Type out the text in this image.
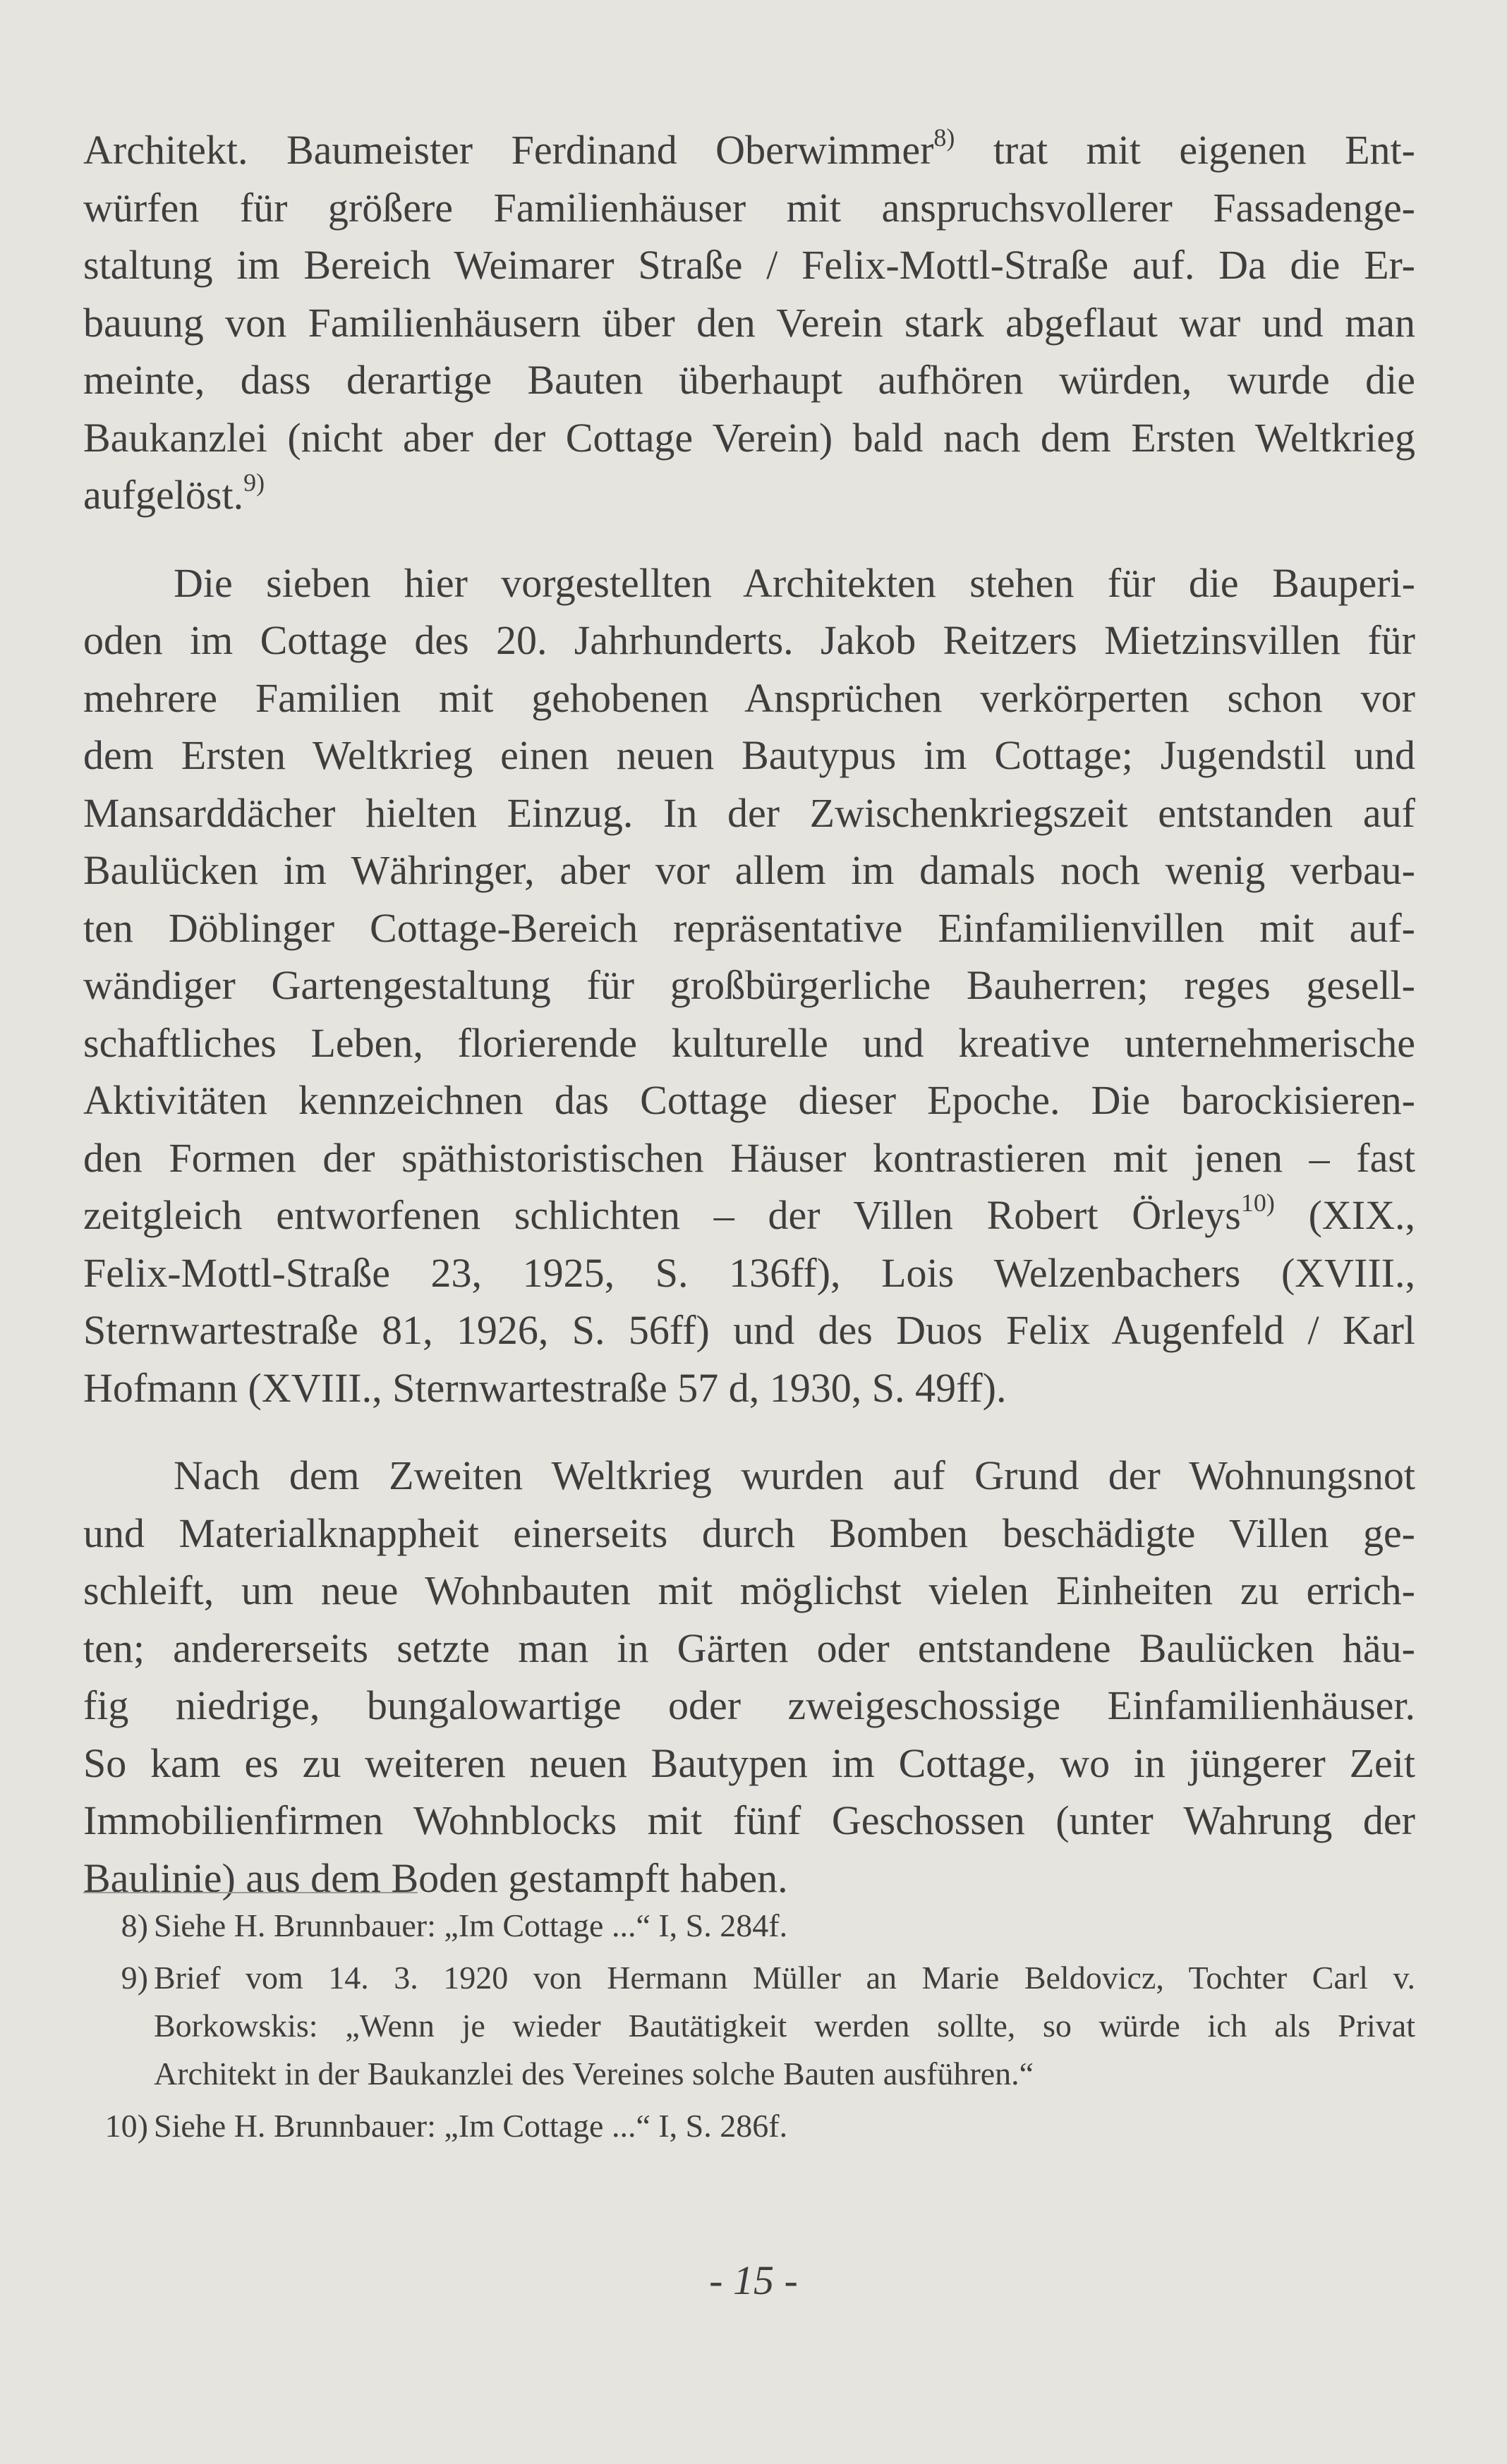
Architekt. Baumeister Ferdinand Oberwimmer$^{8)}$ trat mit eigenen Ent-
würfen für größere Familienhäuser mit anspruchsvollerer Fassadenge-
staltung im Bereich Weimarer Straße / Felix-Mottl-Straße auf. Da die Er-
bauung von Familienhäusern über den Verein stark abgeflaut war und man
meinte, dass derartige Bauten überhaupt aufhören würden, wurde die
Baukanzlei (nicht aber der Cottage Verein) bald nach dem Ersten Weltkrieg
aufgelöst.$^{9)}$

Die sieben hier vorgestellten Architekten stehen für die Bauperi-
oden im Cottage des 20. Jahrhunderts. Jakob Reitzers Mietzinsvillen für
mehrere Familien mit gehobenen Ansprüchen verkörperten schon vor
dem Ersten Weltkrieg einen neuen Bautypus im Cottage; Jugendstil und
Mansarddächer hielten Einzug. In der Zwischenkriegszeit entstanden auf
Baulücken im Währinger, aber vor allem im damals noch wenig verbau-
ten Döblinger Cottage-Bereich repräsentative Einfamilienvillen mit auf-
wändiger Gartengestaltung für großbürgerliche Bauherren; reges gesell-
schaftliches Leben, florierende kulturelle und kreative unternehmerische
Aktivitäten kennzeichnen das Cottage dieser Epoche. Die barockisieren-
den Formen der späthistoristischen Häuser kontrastieren mit jenen – fast
zeitgleich entworfenen schlichten – der Villen Robert Örleys$^{10)}$ (XIX.,
Felix-Mottl-Straße 23, 1925, S. 136ff), Lois Welzenbachers (XVIII.,
Sternwartestraße 81, 1926, S. 56ff) und des Duos Felix Augenfeld / Karl
Hofmann (XVIII., Sternwartestraße 57 d, 1930, S. 49ff).

Nach dem Zweiten Weltkrieg wurden auf Grund der Wohnungsnot
und Materialknappheit einerseits durch Bomben beschädigte Villen ge-
schleift, um neue Wohnbauten mit möglichst vielen Einheiten zu errich-
ten; andererseits setzte man in Gärten oder entstandene Baulücken häu-
fig niedrige, bungalowartige oder zweigeschossige Einfamilienhäuser.
So kam es zu weiteren neuen Bautypen im Cottage, wo in jüngerer Zeit
Immobilienfirmen Wohnblocks mit fünf Geschossen (unter Wahrung der
Baulinie) aus dem Boden gestampft haben.

8) Siehe H. Brunnbauer: „Im Cottage ...“ I, S. 284f.
9) Brief vom 14. 3. 1920 von Hermann Müller an Marie Beldovicz, Tochter Carl v.
Borkowskis: „Wenn je wieder Bautätigkeit werden sollte, so würde ich als Privat
Architekt in der Baukanzlei des Vereines solche Bauten ausführen.“
10) Siehe H. Brunnbauer: „Im Cottage ...“ I, S. 286f.
- 15 -
